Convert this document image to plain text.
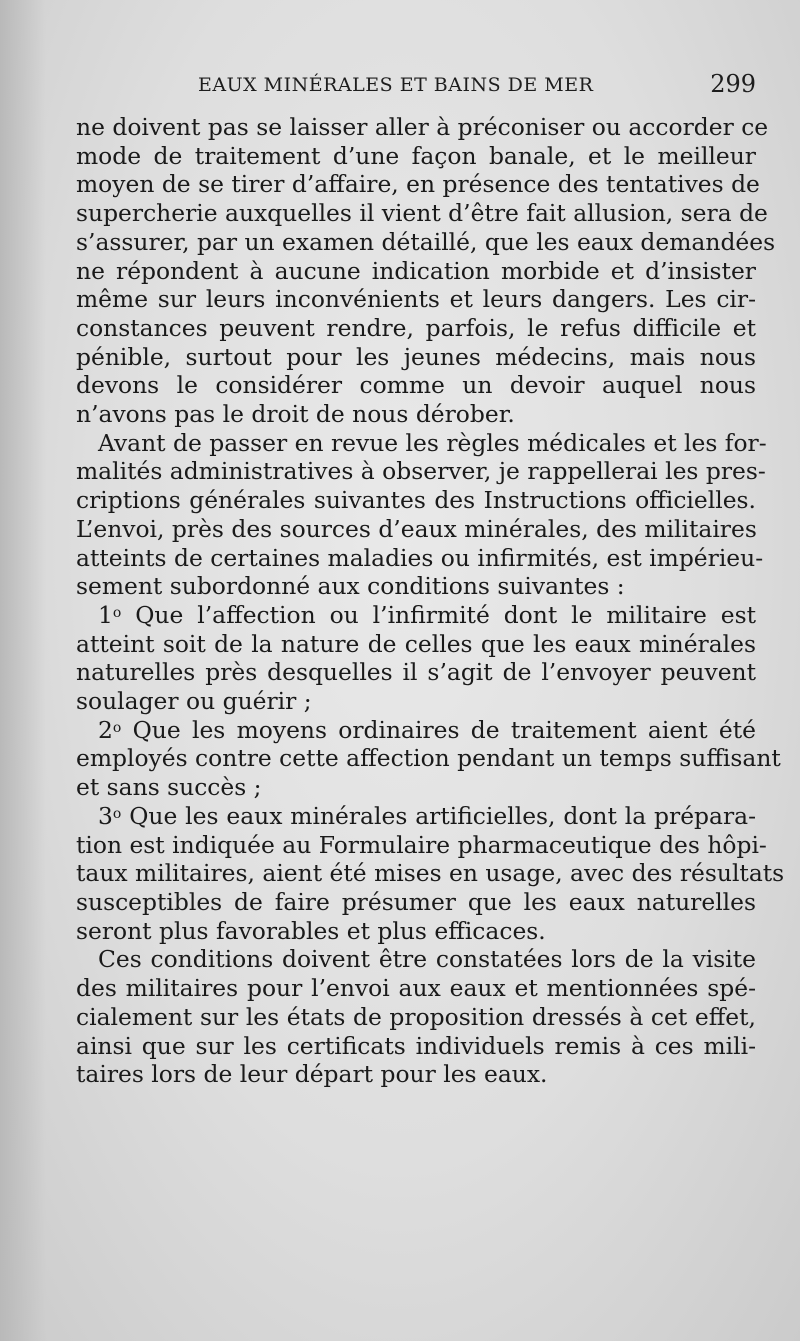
EAUX MINÉRALES ET BAINS DE MER	299
ne doivent pas se laisser aller à préconiser ou accorder ce
mode de traitement d’une façon banale, et le meilleur
moyen de se tirer d’affaire, en présence des tentatives de
supercherie auxquelles il vient d’être fait allusion, sera de
s’assurer, par un examen détaillé, que les eaux demandées
ne répondent à aucune indication morbide et d’insister
même sur leurs inconvénients et leurs dangers. Les cir-
constances peuvent rendre, parfois, le refus difficile et
pénible, surtout pour les jeunes médecins, mais nous
devons le considérer comme un devoir auquel nous
n’avons pas le droit de nous dérober.
Avant de passer en revue les règles médicales et les for-
malités administratives à observer, je rappellerai les pres-
criptions générales suivantes des Instructions officielles.
L’envoi, près des sources d’eaux minérales, des militaires
atteints de certaines maladies ou infirmités, est impérieu-
sement subordonné aux conditions suivantes :
1$^o$ Que l’affection ou l’infirmité dont le militaire est
atteint soit de la nature de celles que les eaux minérales
naturelles près desquelles il s’agit de l’envoyer peuvent
soulager ou guérir ;
2$^o$ Que les moyens ordinaires de traitement aient été
employés contre cette affection pendant un temps suffisant
et sans succès ;
3$^o$ Que les eaux minérales artificielles, dont la prépara-
tion est indiquée au Formulaire pharmaceutique des hôpi-
taux militaires, aient été mises en usage, avec des résultats
susceptibles de faire présumer que les eaux naturelles
seront plus favorables et plus efficaces.
Ces conditions doivent être constatées lors de la visite
des militaires pour l’envoi aux eaux et mentionnées spé-
cialement sur les états de proposition dressés à cet effet,
ainsi que sur les certificats individuels remis à ces mili-
taires lors de leur départ pour les eaux.
